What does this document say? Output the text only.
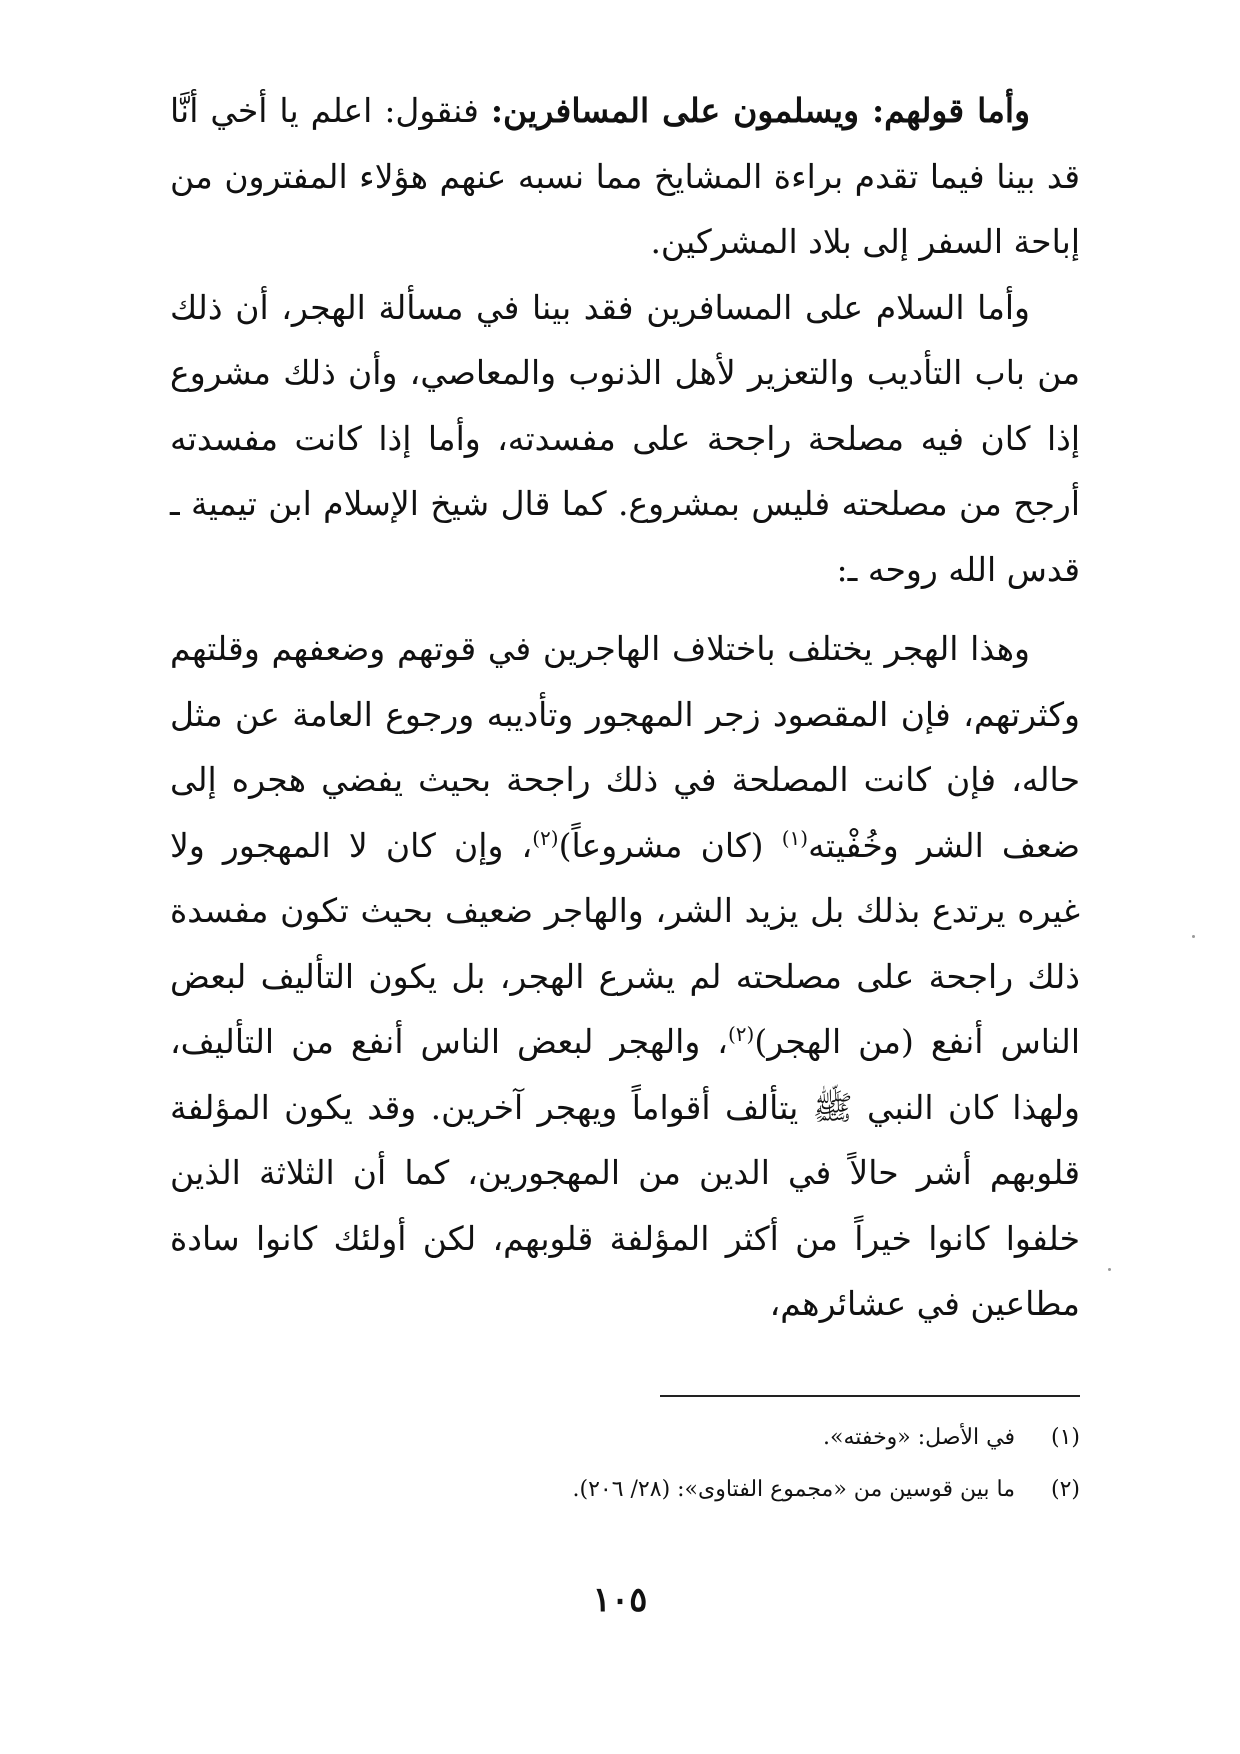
وأما قولهم: ويسلمون على المسافرين: فنقول: اعلم يا أخي أنَّا قد بينا فيما تقدم براءة المشايخ مما نسبه عنهم هؤلاء المفترون من إباحة السفر إلى بلاد المشركين.

وأما السلام على المسافرين فقد بينا في مسألة الهجر، أن ذلك من باب التأديب والتعزير لأهل الذنوب والمعاصي، وأن ذلك مشروع إذا كان فيه مصلحة راجحة على مفسدته، وأما إذا كانت مفسدته أرجح من مصلحته فليس بمشروع. كما قال شيخ الإسلام ابن تيمية ـ قدس الله روحه ـ:

وهذا الهجر يختلف باختلاف الهاجرين في قوتهم وضعفهم وقلتهم وكثرتهم، فإن المقصود زجر المهجور وتأديبه ورجوع العامة عن مثل حاله، فإن كانت المصلحة في ذلك راجحة بحيث يفضي هجره إلى ضعف الشر وخُفْيته$^{(١)}$ (كان مشروعاً)$^{(٢)}$، وإن كان لا المهجور ولا غيره يرتدع بذلك بل يزيد الشر، والهاجر ضعيف بحيث تكون مفسدة ذلك راجحة على مصلحته لم يشرع الهجر، بل يكون التأليف لبعض الناس أنفع (من الهجر)$^{(٢)}$، والهجر لبعض الناس أنفع من التأليف، ولهذا كان النبي ﷺ يتألف أقواماً ويهجر آخرين. وقد يكون المؤلفة قلوبهم أشر حالاً في الدين من المهجورين، كما أن الثلاثة الذين خلفوا كانوا خيراً من أكثر المؤلفة قلوبهم، لكن أولئك كانوا سادة مطاعين في عشائرهم،

(١)
في الأصل: «وخفته».
(٢)
ما بين قوسين من «مجموع الفتاوى»: (٢٨/ ٢٠٦).
١٠٥
